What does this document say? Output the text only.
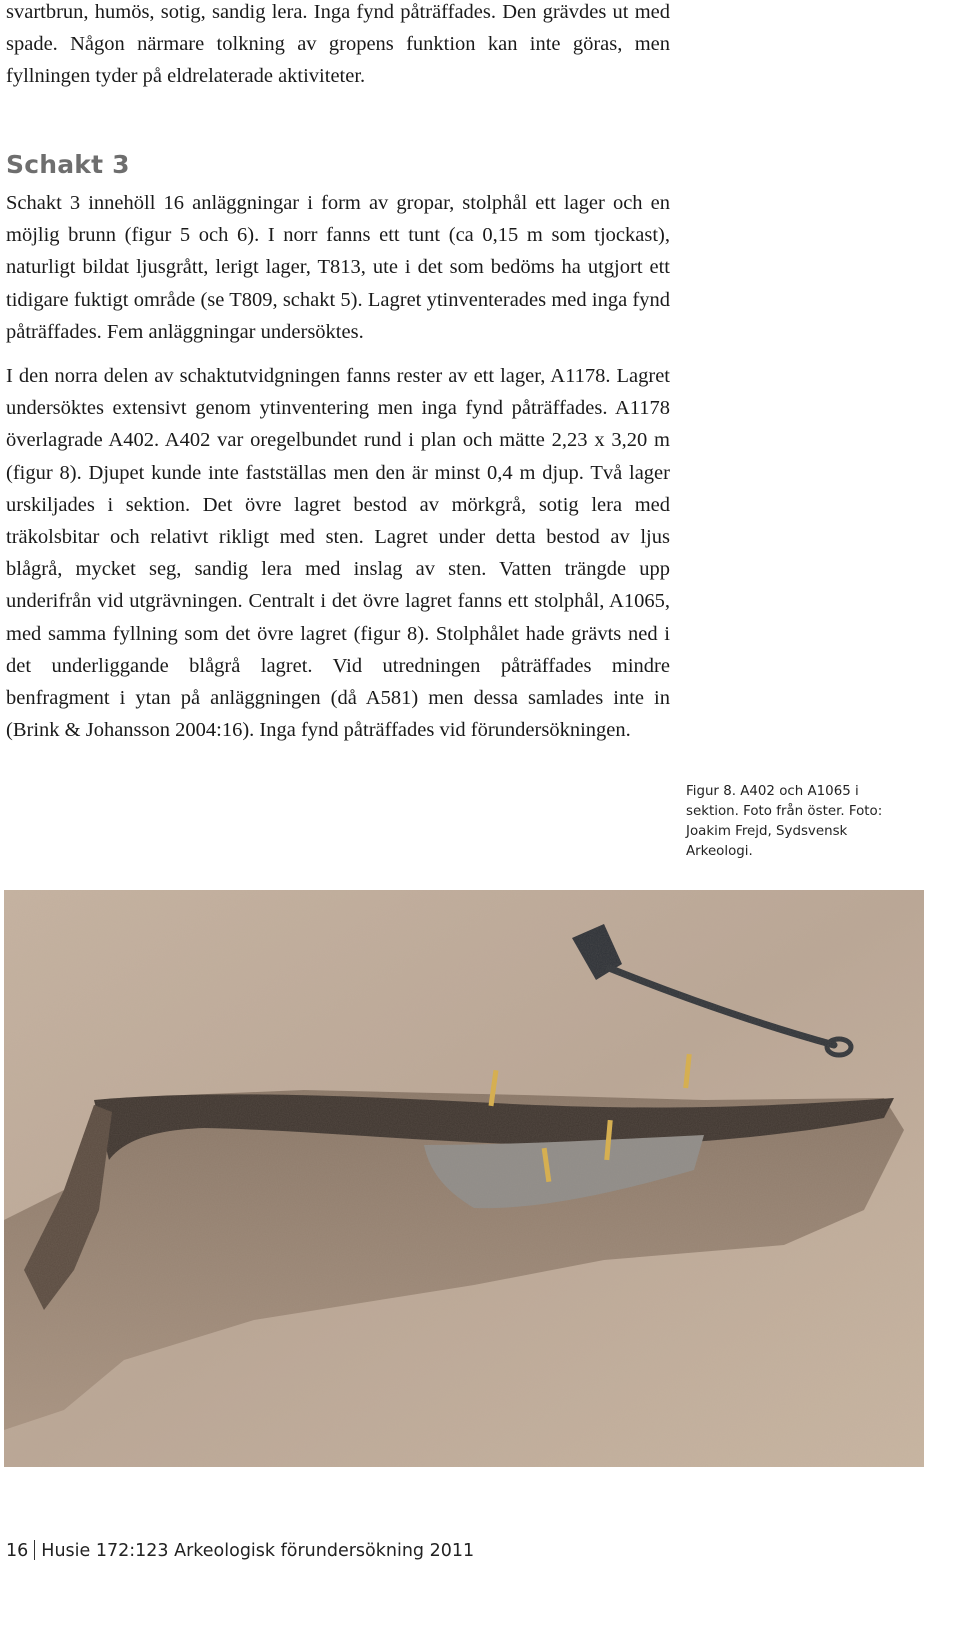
svartbrun, humös, sotig, sandig lera. Inga fynd påträffades. Den grävdes ut med spade. Någon närmare tolkning av gropens funktion kan inte göras, men fyllningen tyder på eldrelaterade aktiviteter.

Schakt 3

Schakt 3 innehöll 16 anläggningar i form av gropar, stolphål ett lager och en möjlig brunn (figur 5 och 6). I norr fanns ett tunt (ca 0,15 m som tjockast), naturligt bildat ljusgrått, lerigt lager, T813, ute i det som bedöms ha utgjort ett tidigare fuktigt område (se T809, schakt 5). Lagret ytinventerades med inga fynd påträffades. Fem anläggningar undersöktes.

I den norra delen av schaktutvidgningen fanns rester av ett lager, A1178. Lagret undersöktes extensivt genom ytinventering men inga fynd påträffades. A1178 överlagrade A402. A402 var oregelbundet rund i plan och mätte 2,23 x 3,20 m (figur 8). Djupet kunde inte fastställas men den är minst 0,4 m djup. Två lager urskiljades i sektion. Det övre lagret bestod av mörkgrå, sotig lera med träkolsbitar och relativt rikligt med sten. Lagret under detta bestod av ljus blågrå, mycket seg, sandig lera med inslag av sten. Vatten trängde upp underifrån vid utgrävningen. Centralt i det övre lagret fanns ett stolphål, A1065, med samma fyllning som det övre lagret (figur 8). Stolphålet hade grävts ned i det underliggande blågrå lagret. Vid utredningen påträffades mindre benfragment i ytan på anläggningen (då A581) men dessa samlades inte in (Brink & Johansson 2004:16). Inga fynd påträffades vid förundersökningen.

Figur 8. A402 och A1065 i sektion. Foto från öster. Foto: Joakim Frejd, Sydsvensk Arkeologi.

16 Husie 172:123 Arkeologisk förundersökning 2011
